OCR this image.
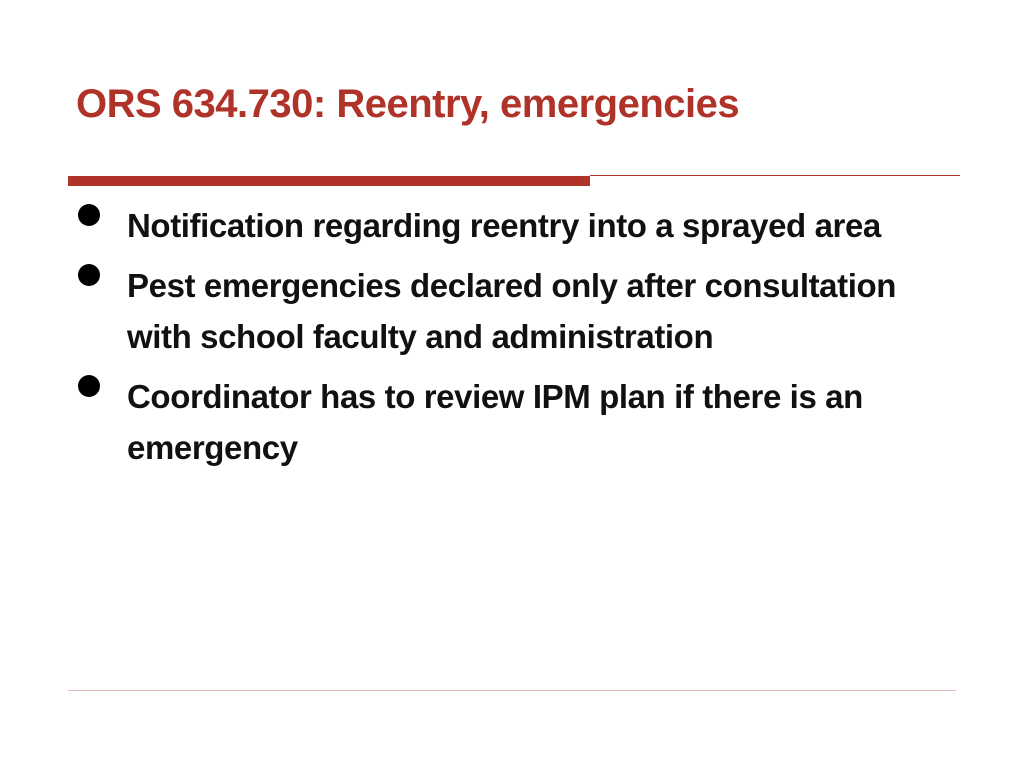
ORS 634.730: Reentry, emergencies
Notification regarding reentry into a sprayed area
Pest emergencies declared only after consultation with school faculty and administration
Coordinator has to review IPM plan if there is an emergency
